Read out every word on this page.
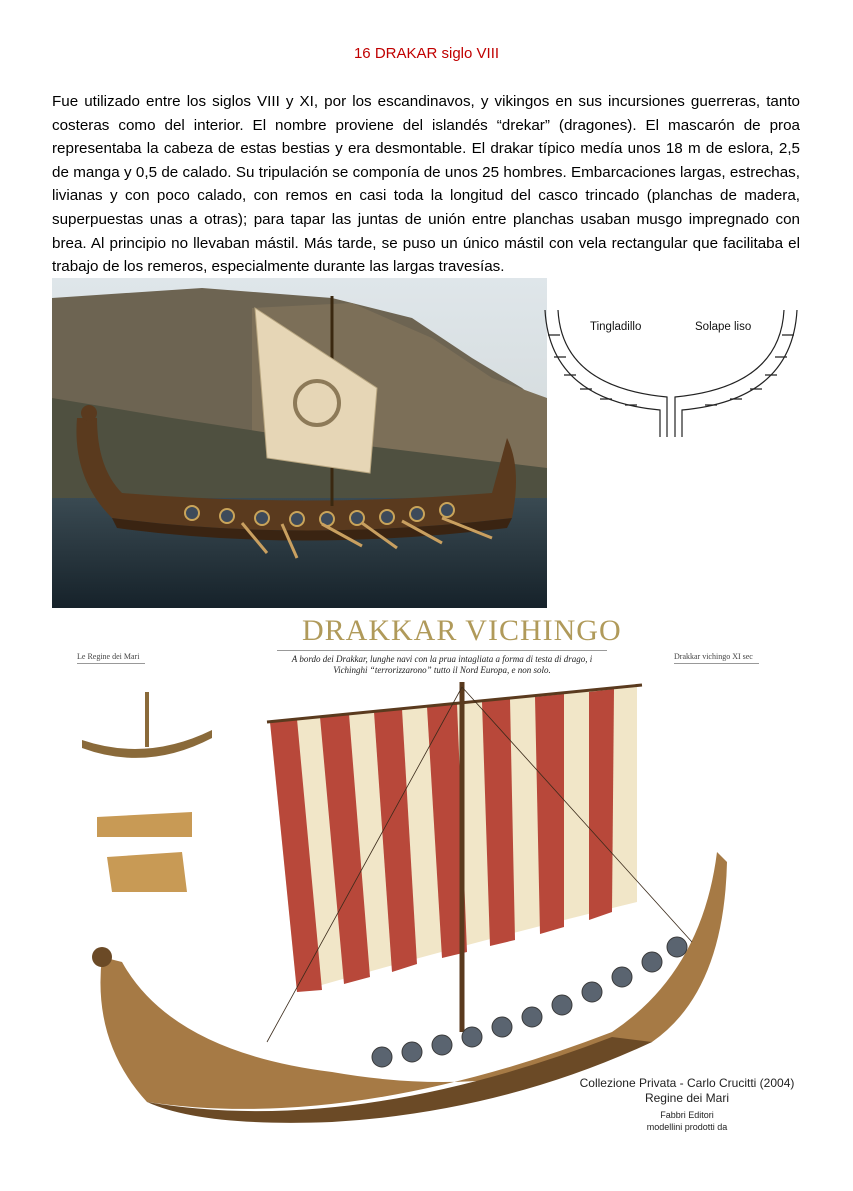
16 DRAKAR siglo VIII
Fue utilizado entre los siglos VIII y XI, por los escandinavos, y vikingos en sus incursiones guerreras, tanto costeras como del interior. El nombre proviene del islandés “drekar” (dragones). El mascarón de proa representaba la cabeza de estas bestias y era desmontable. El drakar típico medía unos 18 m de eslora, 2,5 de manga y 0,5 de calado. Su tripulación se componía de unos 25 hombres. Embarcaciones largas, estrechas, livianas y con poco calado, con remos en casi toda la longitud del casco trincado (planchas de madera, superpuestas unas a otras); para tapar las juntas de unión entre planchas usaban musgo impregnado con brea. Al principio no llevaban mástil. Más tarde, se puso un único mástil con vela rectangular que facilitaba el trabajo de los remeros, especialmente durante las largas travesías.
Tingladillo	Solape liso
DRAKKAR VICHINGO
A bordo dei Drakkar, lunghe navi con la prua intagliata a forma di testa di drago, i Vichinghi “terrorizzarono” tutto il Nord Europa, e non solo.
Le Regine dei Mari	Drakkar vichingo XI sec
Collezione Privata - Carlo Crucitti (2004)
Regine dei Mari
Fabbri Editori
modellini prodotti da
